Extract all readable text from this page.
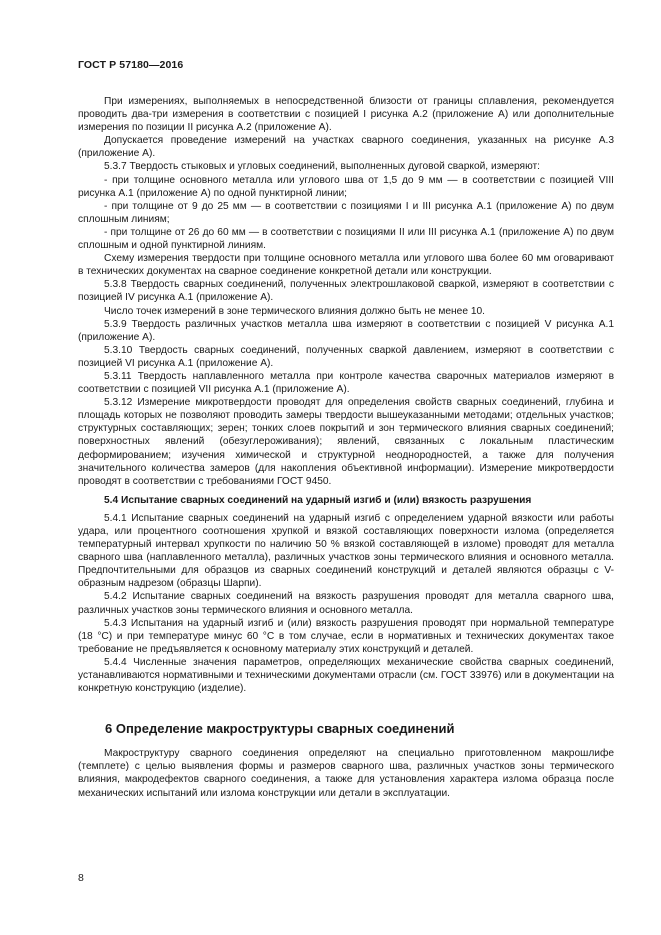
ГОСТ Р 57180—2016

При измерениях, выполняемых в непосредственной близости от границы сплавления, рекомендуется проводить два-три измерения в соответствии с позицией I рисунка А.2 (приложение А) или дополнительные измерения по позиции II рисунка А.2 (приложение А).

Допускается проведение измерений на участках сварного соединения, указанных на рисунке А.3 (приложение А).

5.3.7 Твердость стыковых и угловых соединений, выполненных дуговой сваркой, измеряют:

- при толщине основного металла или углового шва от 1,5 до 9 мм — в соответствии с позицией VIII рисунка А.1 (приложение А) по одной пунктирной линии;

- при толщине от 9 до 25 мм — в соответствии с позициями I и III рисунка А.1 (приложение А) по двум сплошным линиям;

- при толщине от 26 до 60 мм — в соответствии с позициями II или III рисунка А.1 (приложение А) по двум сплошным и одной пунктирной линиям.

Схему измерения твердости при толщине основного металла или углового шва более 60 мм оговаривают в технических документах на сварное соединение конкретной детали или конструкции.

5.3.8 Твердость сварных соединений, полученных электрошлаковой сваркой, измеряют в соответствии с позицией IV рисунка А.1 (приложение А).

Число точек измерений в зоне термического влияния должно быть не менее 10.

5.3.9 Твердость различных участков металла шва измеряют в соответствии с позицией V рисунка А.1 (приложение А).

5.3.10 Твердость сварных соединений, полученных сваркой давлением, измеряют в соответствии с позицией VI рисунка А.1 (приложение А).

5.3.11 Твердость наплавленного металла при контроле качества сварочных материалов измеряют в соответствии с позицией VII рисунка А.1 (приложение А).

5.3.12 Измерение микротвердости проводят для определения свойств сварных соединений, глубина и площадь которых не позволяют проводить замеры твердости вышеуказанными методами; отдельных участков; структурных составляющих; зерен; тонких слоев покрытий и зон термического влияния сварных соединений; поверхностных явлений (обезуглероживания); явлений, связанных с локальным пластическим деформированием; изучения химической и структурной неоднородностей, а также для получения значительного количества замеров (для накопления объективной информации). Измерение микротвердости проводят в соответствии с требованиями ГОСТ 9450.

5.4 Испытание сварных соединений на ударный изгиб и (или) вязкость разрушения

5.4.1 Испытание сварных соединений на ударный изгиб с определением ударной вязкости или работы удара, или процентного соотношения хрупкой и вязкой составляющих поверхности излома (определяется температурный интервал хрупкости по наличию 50 % вязкой составляющей в изломе) проводят для металла сварного шва (наплавленного металла), различных участков зоны термического влияния и основного металла. Предпочтительными для образцов из сварных соединений конструкций и деталей являются образцы с V-образным надрезом (образцы Шарпи).

5.4.2 Испытание сварных соединений на вязкость разрушения проводят для металла сварного шва, различных участков зоны термического влияния и основного металла.

5.4.3 Испытания на ударный изгиб и (или) вязкость разрушения проводят при нормальной температуре (18 °С) и при температуре минус 60 °С в том случае, если в нормативных и технических документах такое требование не предъявляется к основному материалу этих конструкций и деталей.

5.4.4 Численные значения параметров, определяющих механические свойства сварных соединений, устанавливаются нормативными и техническими документами отрасли (см. ГОСТ 33976) или в документации на конкретную конструкцию (изделие).

6 Определение макроструктуры сварных соединений

Макроструктуру сварного соединения определяют на специально приготовленном макрошлифе (темплете) с целью выявления формы и размеров сварного шва, различных участков зоны термического влияния, макродефектов сварного соединения, а также для установления характера излома образца после механических испытаний или излома конструкции или детали в эксплуатации.

8
